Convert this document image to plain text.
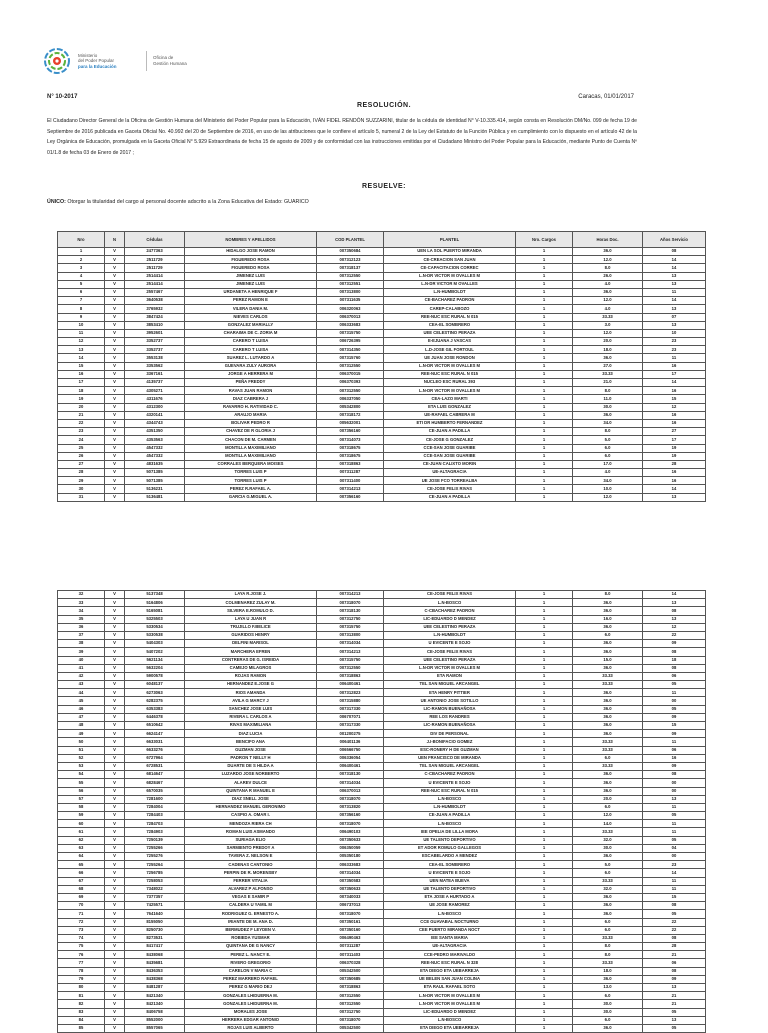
Ministerio
del Poder Popular
para la Educación
Oficina de
Gestión Humana
N° 10-2017	Caracas, 01/01/2017
RESOLUCIÓN.
El Ciudadano Director General de la Oficina de Gestión Humana del Ministerio del Poder Popular para la Educación, IVÁN FIDEL RENDÓN SUZZARINI, titular de la cédula de identidad N° V-10.335.414, según consta en Resolución DM/No. 099 de fecha 19 de Septiembre de 2016 publicada en Gaceta Oficial No. 40.992 del 20 de Septiembre de 2016, en uso de las atribuciones que le confiere el artículo 5, numeral 2 de la Ley del Estatuto de la Función Pública y en cumplimiento con lo dispuesto en el artículo 42 de la Ley Orgánica de Educación, promulgada en la Gaceta Oficial N° 5.929 Extraordinaria de fecha 15 de agosto de 2009 y de conformidad con las instrucciones emitidas por el Ciudadano Ministro del Poder Popular para la Educación, mediante Punto de Cuenta Nº 01/1.8 de fecha 03 de Enero de 2017 ;
RESUELVE:
ÚNICO: Otorgar la titularidad del cargo al personal docente adscrito a la Zona Educativa del Estado: GUARICO
Nro	N	Cédulas	NOMBRES Y APELLIDOS	COD PLANTEL	PLANTEL	Nro. Cargos	Horas Doc.	Años Servicio
1	V	2477363	HIDALGO JOSE RAMON	007350684	UEN LA SOL PUERTO MIRANDA	1	36.0	08
2	V	2511729	FIGUEREDO ROSA	007312123	CE-CREACION SAN JUAN	1	12.0	14
3	V	2511729	FIGUEREDO ROSA	007318137	CE-CAPACITACION CORREC	1	8.0	14
4	V	2514414	JIMENEZ LUIS	007312550	L.N-DR VICTOR M OVALLES M	1	26.0	13
5	V	2514414	JIMENEZ LUIS	007312551	L.N-DR VICTOR M OVALLES	1	4.0	13
6	V	2557467	URDANETA A HENRIQUE F	007313800	L.N-HUMBOLDT	1	36.0	11
7	V	3640538	PEREZ RAMON E	007311635	CE-BACHAREZ PADRON	1	12.0	14
8	V	3765932	VILERA DANIA M.	006320063	CAREP-CALABOZO	1	4.0	13
9	V	3847424	NIEVES CARLOS	006370013	REE-NUC ESC RURAL N 015	1	33.33	07
10	V	3853410	GONZALEZ MARIALLY	006333683	CEA-EL SOMBRERO	1	3.0	13
11	V	3952601	CHARAIMA DE C. ZORIA M	007315750	UEE CELESTINO PERAZA	1	12.0	10
12	V	3352737	CARERO T LUISA	006726395	E-EJUANA J VASCAS	1	20.0	23
13	V	3352737	CARERO T LUISA	007314350	L.D-JOSE GIL FORTOUL	1	18.0	23
14	V	3553138	SUAREZ L. LUTARDO A	007315760	UE JUAN JOSE RONDON	1	36.0	11
15	V	3353562	GUEVARA ZULY AURORA	007312550	L.N-DR VICTOR M OVALLES M	1	27.0	16
16	V	3367161	JORGE A HERRERA M	006370015	REE-NUC ESC RURAL N 015	1	33.33	17
17	V	4135737	PEÑA FREDDY	006370393	NUCLEO ESC RURAL 393	1	21.0	14
18	V	4305271	RAVAS JUAN RAMON	007312550	L.N-DR VICTOR M OVALLES M	1	8.0	16
19	V	4311676	DIAZ CABRERA J	006337050	CEA-LAZO MARTI	1	11.0	15
20	V	4312300	RAVARRO H. RATIVIDAD C.	005342800	ETA LUIS GONZALEZ	1	30.0	12
21	V	4320141	ARAUJO MARIA	007318172	UE-RAFAEL CABRERA M	1	36.0	16
22	V	4344743	BOLIVAR PEDRO R	005632001	ETI DR HUMBERTO FERNANDEZ	1	34.0	16
23	V	4351350	CHAVEZ DE R GLORIA J	007356160	CE-JUAN A PADILLA	1	8.0	27
24	V	4353563	CHACON DE M. CARMEN	007314073	CE-JOSE G GONZALEZ	1	5.0	17
25	V	4547332	MONTILLA MAXIMILIANO	007318675	CCE-SAN JOSE GUARIBE	1	6.0	19
26	V	4547332	MONTILLA MAXIMILIANO	007318675	CCE-SAN JOSE GUARIBE	1	6.0	19
27	V	4831635	CORRALES BERQUERA MOISES	007318863	CE-JUAN CALIXTO MORIN	1	17.0	28
28	V	5071385	TORRES LUIS P	007311287	UE-ALTAGRACIA	1	4.0	16
29	V	5071385	TORRES LUIS P	007311400	UE JOSE FCO TORREALBA	1	34.0	16
30	V	5136231	PEREZ R.RAFAEL A.	007314213	CE-JOSE FELIX RIVAS	1	10.0	14
31	V	5136481	GARCIA G.MIGUEL A.	007356160	CE-JUAN A PADILLA	1	12.0	13
32	V	5137348	LAYA R.JOSE J.	007314213	CE-JOSE FELIX RIVAS	1	8.0	14
33	V	5164806	COLMENAREZ ZULAY M.	007318070	L.N-BOSCO	1	36.0	13
34	V	5165081	SILVERA E.ROMULO D.	007318130	C-CBACHAREZ PADRON	1	36.0	08
35	V	5325503	LAYA U JUAN R	007312750	LIC-EDUARDO D MENDEZ	1	16.0	13
36	V	5330534	TRUJILLO F.BELICE	007315750	UEE CELESTINO PERAZA	1	36.0	12
37	V	5330538	GUARIDOS HENRY	007313800	L.N-HUMBOLDT	1	6.0	22
38	V	5404303	DELFINI MARISOL	007314034	U EVICENTE E SOJO	1	36.0	09
39	V	5407202	MARCHERA EFREN	007314213	CE-JOSE FELIX RIVAS	1	36.0	08
40	V	5621134	CONTRERAS DE G. ISREIDA	007315750	UEE CELESTINO PERAZA	1	15.0	18
41	V	5632204	CAMEJO MILAGROS	007312550	L.N-DR VICTOR M OVALLES M	1	36.0	08
42	V	5900578	ROJAS RAMON	007318863	ETA RAMON	1	33.33	06
43	V	6048137	HERNANDEZ E.JOSE G	006400461	TEL SAN MIGUEL ARCANGEL	1	33.33	05
44	V	6273063	RIOS AMANDA	007312823	ETA HENRY PITTIER	1	36.0	11
45	V	6282375	AVILA G MARCY J	007315880	UE ANTONIO JOSE SOTILLO	1	36.0	00
46	V	6353383	SANCHEZ JOSE LUIS	007317330	LIC-RAMON BUENAÑOSA	1	36.0	05
47	V	6446378	RIVERA L CARLOS A	006707071	REE LOS RANDRES	1	36.0	09
48	V	6510642	RIVAS MAXIMILIANA	007317330	LIC-RAMON BUENAÑOSA	1	36.0	15
49	V	6624147	DIAZ LUCIA	001200275	DIV DE PERSONAL	1	36.0	09
50	V	6633031	BENCIFO ANA	006401136	J.I-BONIFACIO GOMEZ	1	33.33	11
51	V	6633276	GUZMAN JOSE	006566750	ESC-RONERY H DE GUZMAN	1	33.33	06
52	V	6727964	PADRON T NELLY H	006336054	UEN FRANCISCO DE MIRANDA	1	6.0	16
53	V	6728531	DUARTE DE S HILDA A	006400461	TEL SAN MIGUEL ARCANGEL	1	33.33	09
54	V	6814647	LUZARDO JOSE NORBERTO	007318130	C-CBACHAREZ PADRON	1	36.0	08
55	V	6828467	ALAREV DULCE	007314034	U EVICENTE E SOJO	1	36.0	00
56	V	6570035	QUINTANA R MANUEL E	006370013	REE-NUC ESC RURAL N 015	1	36.0	00
57	V	7281600	DIAZ SNELL JOSE	007318070	L.N-BOSCO	1	20.0	13
58	V	7284004	HERNANDEZ MANUEL GERONIMO	007313820	L.N-HUMBOLDT	1	6.0	11
59	V	7284403	CASPIO A. OMAR I.	007356160	CE-JUAN A PADILLA	1	12.0	05
60	V	7284703	MENDOZA RIERA CH	007318070	L.N-BOSCO	1	14.0	11
61	V	7284903	ROMAN LUIS ASMANDO	006490103	IEE OPELIA DE LILLA MORA	1	33.33	11
62	V	7250139	SURIAGA ELIO	007350633	UE TALENTO DEPORTIVO	1	32.0	05
63	V	7255266	SARMIENTO PREDOY A	006350059	ET ADOR ROMULO GALLEGOS	1	30.0	04
64	V	7255276	TAVERA Z. NELSON E	005350180	ESCABELARDO A MENDEZ	1	36.0	00
65	V	7255264	CADENAS CANTONIO	006333683	CEA-EL SOMBRERO	1	5.0	23
66	V	7256785	PERPIN DE R. MORENSBY	007314034	U EVICENTE E SOJO	1	6.0	14
67	V	7258053	FERRER VITALIA	007350583	UEN MATEA BUEVA	1	33.33	11
68	V	7348022	ALVAREZ P ALFONSO	007350633	UE TALENTO DEPORTIVO	1	32.0	11
69	V	7377357	VEGAS E SAMIR P	007340033	ETA JOSE A HURTADO A	1	36.0	15
70	V	7425571	CALDERA U YAMIL M	006737013	UE JOSE RAMOREZ	1	36.0	08
71	V	7641640	RODRIGUEZ G. ERNESTO A.	007318070	L.N-BOSCO	1	36.0	05
72	V	8155050	IRIANTE DE M. ANA D.	007350161	CCE GUAVABAL NOCTURNO	1	6.0	22
73	V	8250730	BERMUDEZ F LEYDEN V.	007350160	CEE PUERTO MIRANDA NOCT	1	6.0	22
74	V	8273531	ROBIEDA YUSMAR	006490463	IEE SANTA MARIA	1	33.33	08
75	V	8417417	QUINTANA DE G NANCY	007311287	UE-ALTAGRACIA	1	8.0	28
76	V	8438068	PEREZ L. NANCY E.	007311403	CCE-PEDRO MARIVALDO	1	8.0	21
77	V	8435681	RIVERO GREGORIO	006370328	REE-NUC ESC RURAL N 328	1	33.33	06
78	V	8436353	CARELON V MARIA C	005342500	ETA DIEGO ETA UEBARREJA	1	18.0	08
79	V	8438368	PEREZ MARRERO RAFAEL	007350685	UE BELEN SAN JUAN COLINA	1	36.0	09
80	V	8481287	PEREZ G MARIO DEJ	007318863	ETA RAUL RAFAEL SOTO	1	13.0	13
81	V	8421340	GONZALES LHIDUERNA M.	007312550	L.N-DR VICTOR M OVALLES M	1	6.0	21
82	V	8421340	GONZALES LHIDUERNA M.	007312550	L.N-DR VICTOR M OVALLES M	1	30.0	21
83	V	8406758	MORALES JOSE	007312750	LIC-EDUARDO D MENDEZ	1	30.0	05
84	V	8552000	HERRERA EDGAR ANTONIO	007318070	L.N-BOSCO	1	6.0	13
85	V	8557065	ROJAS LUIS ALBERTO	005342500	ETA DIEGO ETA UEBARREJA	1	36.0	05
